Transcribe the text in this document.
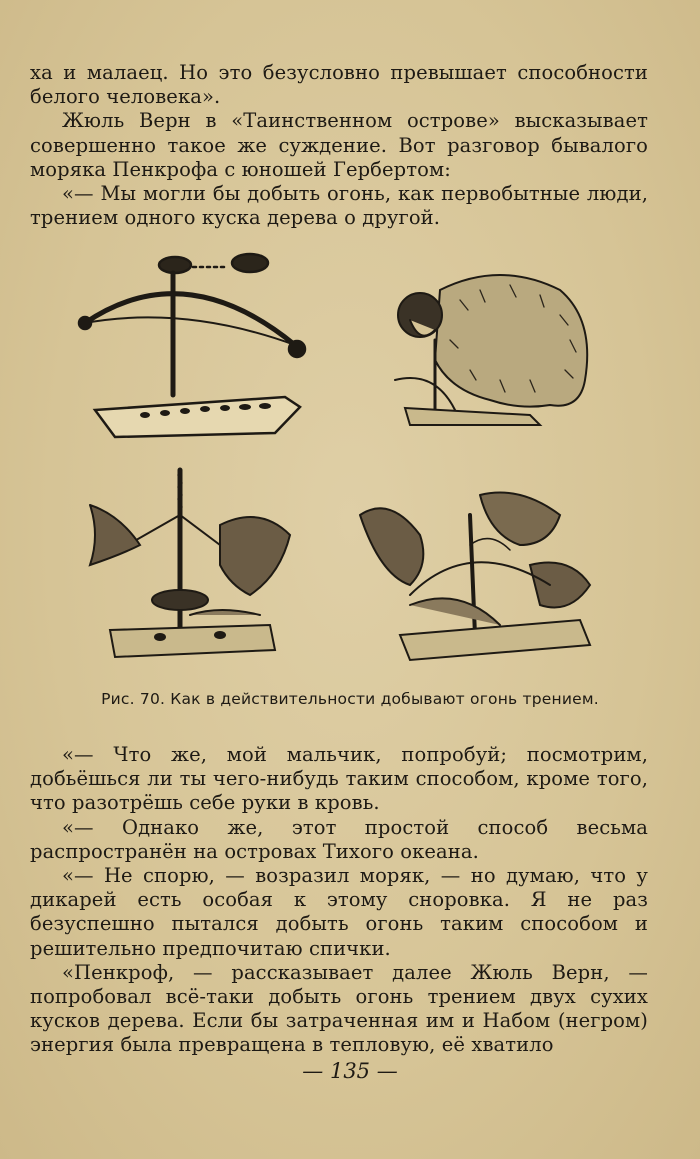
ха и малаец. Но это безусловно превышает способности белого человека».

Жюль Верн в «Таинственном острове» высказывает совершенно такое же суждение. Вот разговор бывалого моряка Пенкрофа с юношей Гербертом:

«— Мы могли бы добыть огонь, как первобытные люди, трением одного куска дерева о другой.

Рис. 70. Как в действительности добывают огонь трением.

«— Что же, мой мальчик, попробуй; посмотрим, добьёшься ли ты чего-нибудь таким способом, кроме того, что разотрёшь себе руки в кровь.

«— Однако же, этот простой способ весьма распространён на островах Тихого океана.

«— Не спорю, — возразил моряк, — но думаю, что у дикарей есть особая к этому сноровка. Я не раз безуспешно пытался добыть огонь таким способом и решительно предпочитаю спички.

«Пенкроф, — рассказывает далее Жюль Верн, — попробовал всё-таки добыть огонь трением двух сухих кусков дерева. Если бы затраченная им и Набом (негром) энергия была превращена в тепловую, её хватило

— 135 —
